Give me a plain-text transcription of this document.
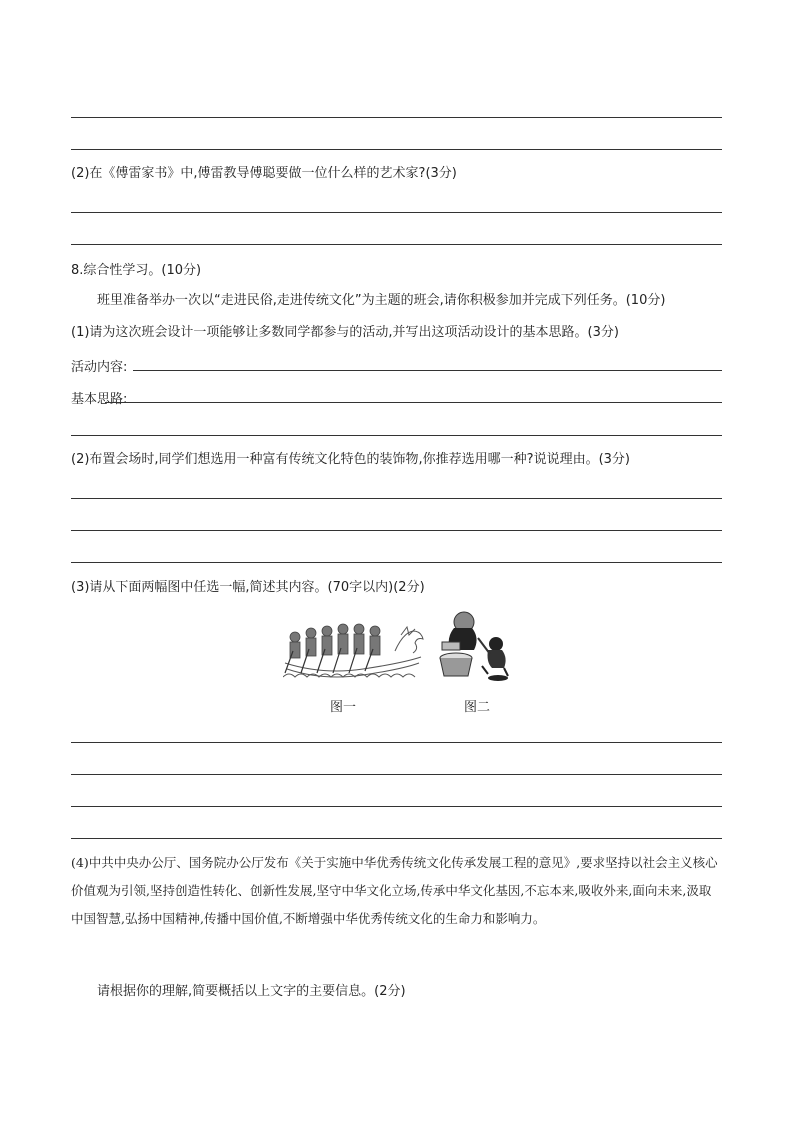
(2)在《傅雷家书》中,傅雷教导傅聪要做一位什么样的艺术家?(3分)
8.综合性学习。(10分)
班里准备举办一次以“走进民俗,走进传统文化”为主题的班会,请你积极参加并完成下列任务。(10分)
(1)请为这次班会设计一项能够让多数同学都参与的活动,并写出这项活动设计的基本思路。(3分)
活动内容:
基本思路:
(2)布置会场时,同学们想选用一种富有传统文化特色的装饰物,你推荐选用哪一种?说说理由。(3分)
(3)请从下面两幅图中任选一幅,简述其内容。(70字以内)(2分)
图一	图二
(4)中共中央办公厅、国务院办公厅发布《关于实施中华优秀传统文化传承发展工程的意见》,要求坚持以社会主义核心价值观为引领,坚持创造性转化、创新性发展,坚守中华文化立场,传承中华文化基因,不忘本来,吸收外来,面向未来,汲取中国智慧,弘扬中国精神,传播中国价值,不断增强中华优秀传统文化的生命力和影响力。
请根据你的理解,简要概括以上文字的主要信息。(2分)
